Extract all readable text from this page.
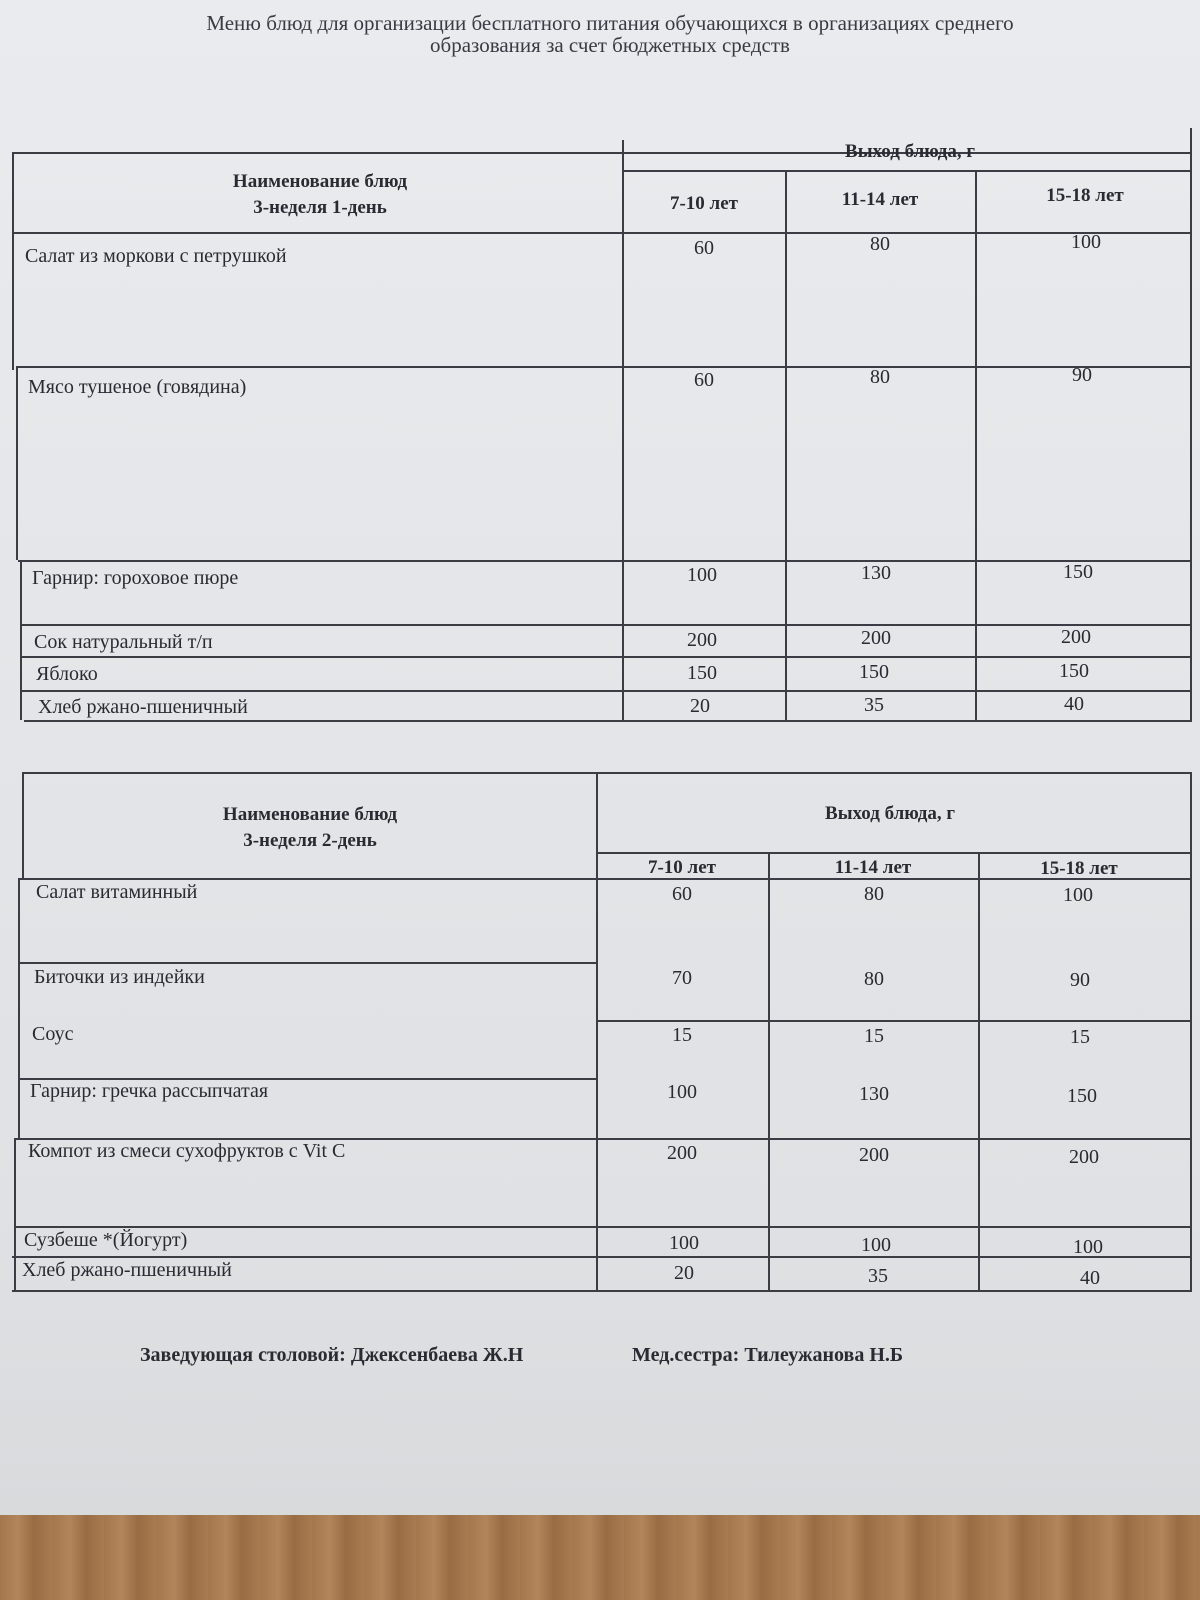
Меню блюд для организации бесплатного питания обучающихся в организациях среднего
образования за счет бюджетных средств
Наименование блюд
3-неделя 1-день
Выход блюда, г
7-10 лет	11-14 лет	15-18 лет
Салат из моркови с петрушкой	60	80	100
Мясо тушеное (говядина)	60	80	90
Гарнир: гороховое пюре	100	130	150
Сок натуральный т/п	200	200	200
Яблоко	150	150	150
Хлеб ржано-пшеничный	20	35	40
Наименование блюд
3-неделя 2-день
Выход блюда, г
7-10 лет	11-14 лет	15-18 лет
Салат витаминный	60	80	100
Биточки из индейки	70	80	90
Соус	15	15	15
Гарнир: гречка рассыпчатая	100	130	150
Компот из смеси сухофруктов с Vit C	200	200	200
Сузбеше *(Йогурт)	100	100	100
Хлеб ржано-пшеничный	20	35	40
Заведующая столовой: Джексенбаева Ж.Н	Мед.сестра: Тилеужанова Н.Б
